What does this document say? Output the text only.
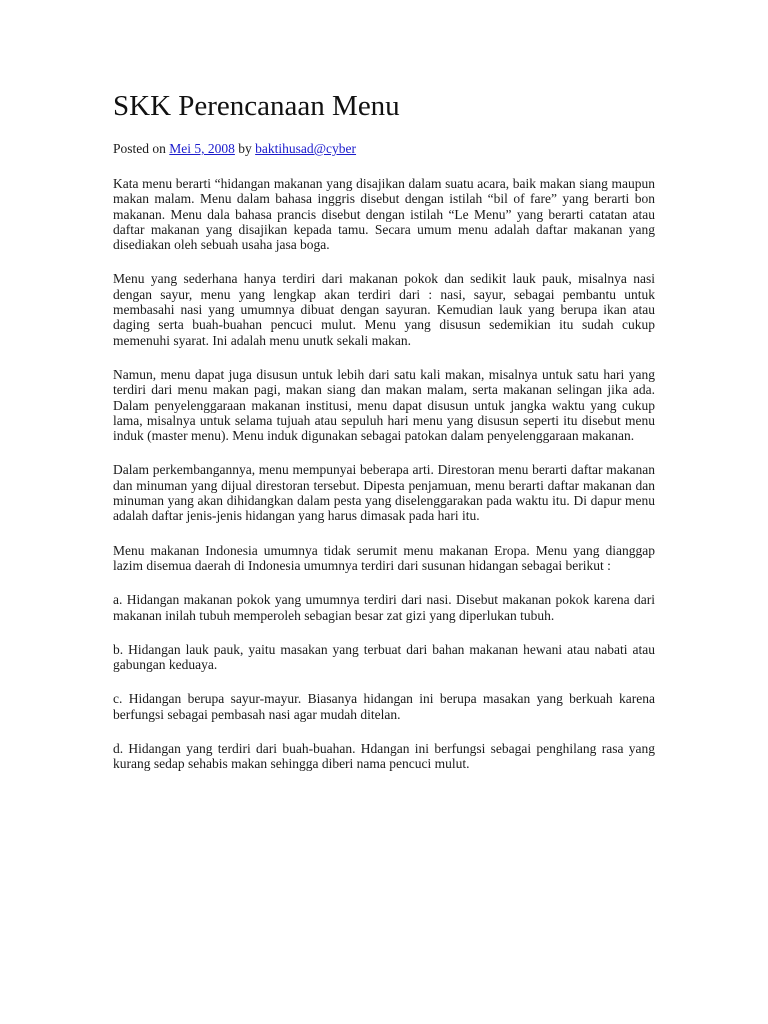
SKK Perencanaan Menu
Posted on Mei 5, 2008 by baktihusad@cyber

Kata menu berarti “hidangan makanan yang disajikan dalam suatu acara, baik makan siang maupun makan malam. Menu dalam bahasa inggris disebut dengan istilah “bil of fare” yang berarti bon makanan. Menu dala bahasa prancis disebut dengan istilah “Le Menu” yang berarti catatan atau daftar makanan yang disajikan kepada tamu. Secara umum menu adalah daftar makanan yang disediakan oleh sebuah usaha jasa boga.

Menu yang sederhana hanya terdiri dari makanan pokok dan sedikit lauk pauk, misalnya nasi dengan sayur, menu yang lengkap akan terdiri dari : nasi, sayur, sebagai pembantu untuk membasahi nasi yang umumnya dibuat dengan sayuran. Kemudian lauk yang berupa ikan atau daging serta buah-buahan pencuci mulut. Menu yang disusun sedemikian itu sudah cukup memenuhi syarat. Ini adalah menu unutk sekali makan.

Namun, menu dapat juga disusun untuk lebih dari satu kali makan, misalnya untuk satu hari yang terdiri dari menu makan pagi, makan siang dan makan malam, serta makanan selingan jika ada. Dalam penyelenggaraan makanan institusi, menu dapat disusun untuk jangka waktu yang cukup lama, misalnya untuk selama tujuah atau sepuluh hari menu yang disusun seperti itu disebut menu induk (master menu). Menu induk digunakan sebagai patokan dalam penyelenggaraan makanan.

Dalam perkembangannya, menu mempunyai beberapa arti. Direstoran menu berarti daftar makanan dan minuman yang dijual direstoran tersebut. Dipesta penjamuan, menu berarti daftar makanan dan minuman yang akan dihidangkan dalam pesta yang diselenggarakan pada waktu itu. Di dapur menu adalah daftar jenis-jenis hidangan yang harus dimasak pada hari itu.

Menu makanan Indonesia umumnya tidak serumit menu makanan Eropa. Menu yang dianggap lazim disemua daerah di Indonesia umumnya terdiri dari susunan hidangan sebagai berikut :

a. Hidangan makanan pokok yang umumnya terdiri dari nasi. Disebut makanan pokok karena dari makanan inilah tubuh memperoleh sebagian besar zat gizi yang diperlukan tubuh.

b. Hidangan lauk pauk, yaitu masakan yang terbuat dari bahan makanan hewani atau nabati atau gabungan keduaya.

c. Hidangan berupa sayur-mayur. Biasanya hidangan ini berupa masakan yang berkuah karena berfungsi sebagai pembasah nasi agar mudah ditelan.

d. Hidangan yang terdiri dari buah-buahan. Hdangan ini berfungsi sebagai penghilang rasa yang kurang sedap sehabis makan sehingga diberi nama pencuci mulut.
